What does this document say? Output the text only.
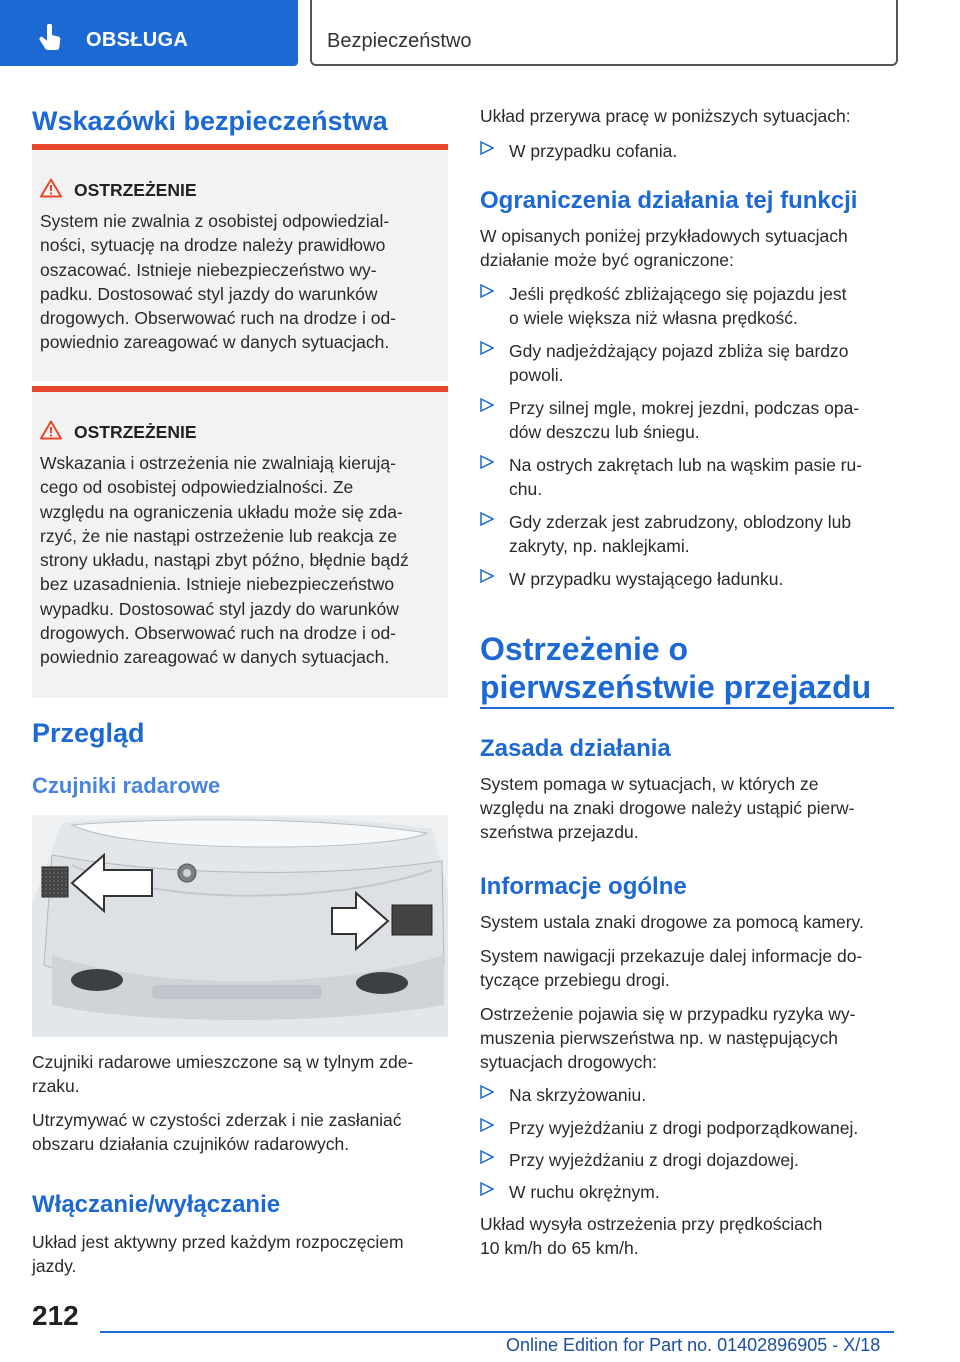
OBSŁUGA	Bezpieczeństwo
Wskazówki bezpieczeństwa
OSTRZEŻENIE
System nie zwalnia z osobistej odpowiedzial-
ności, sytuację na drodze należy prawidłowo
oszacować. Istnieje niebezpieczeństwo wy-
padku. Dostosować styl jazdy do warunków
drogowych. Obserwować ruch na drodze i od-
powiednio zareagować w danych sytuacjach.
OSTRZEŻENIE
Wskazania i ostrzeżenia nie zwalniają kierują-
cego od osobistej odpowiedzialności. Ze
względu na ograniczenia układu może się zda-
rzyć, że nie nastąpi ostrzeżenie lub reakcja ze
strony układu, nastąpi zbyt późno, błędnie bądź
bez uzasadnienia. Istnieje niebezpieczeństwo
wypadku. Dostosować styl jazdy do warunków
drogowych. Obserwować ruch na drodze i od-
powiednio zareagować w danych sytuacjach.
Przegląd
Czujniki radarowe
Czujniki radarowe umieszczone są w tylnym zde-
rzaku.
Utrzymywać w czystości zderzak i nie zasłaniać
obszaru działania czujników radarowych.
Włączanie/wyłączanie
Układ jest aktywny przed każdym rozpoczęciem
jazdy.
Układ przerywa pracę w poniższych sytuacjach:
W przypadku cofania.
Ograniczenia działania tej funkcji
W opisanych poniżej przykładowych sytuacjach
działanie może być ograniczone:
Jeśli prędkość zbliżającego się pojazdu jest
o wiele większa niż własna prędkość.
Gdy nadjeżdżający pojazd zbliża się bardzo
powoli.
Przy silnej mgle, mokrej jezdni, podczas opa-
dów deszczu lub śniegu.
Na ostrych zakrętach lub na wąskim pasie ru-
chu.
Gdy zderzak jest zabrudzony, oblodzony lub
zakryty, np. naklejkami.
W przypadku wystającego ładunku.
Ostrzeżenie o
pierwszeństwie przejazdu
Zasada działania
System pomaga w sytuacjach, w których ze
względu na znaki drogowe należy ustąpić pierw-
szeństwa przejazdu.
Informacje ogólne
System ustala znaki drogowe za pomocą kamery.
System nawigacji przekazuje dalej informacje do-
tyczące przebiegu drogi.
Ostrzeżenie pojawia się w przypadku ryzyka wy-
muszenia pierwszeństwa np. w następujących
sytuacjach drogowych:
Na skrzyżowaniu.
Przy wyjeżdżaniu z drogi podporządkowanej.
Przy wyjeżdżaniu z drogi dojazdowej.
W ruchu okrężnym.
Układ wysyła ostrzeżenia przy prędkościach
10 km/h do 65 km/h.
212
Online Edition for Part no. 01402896905 - X/18
